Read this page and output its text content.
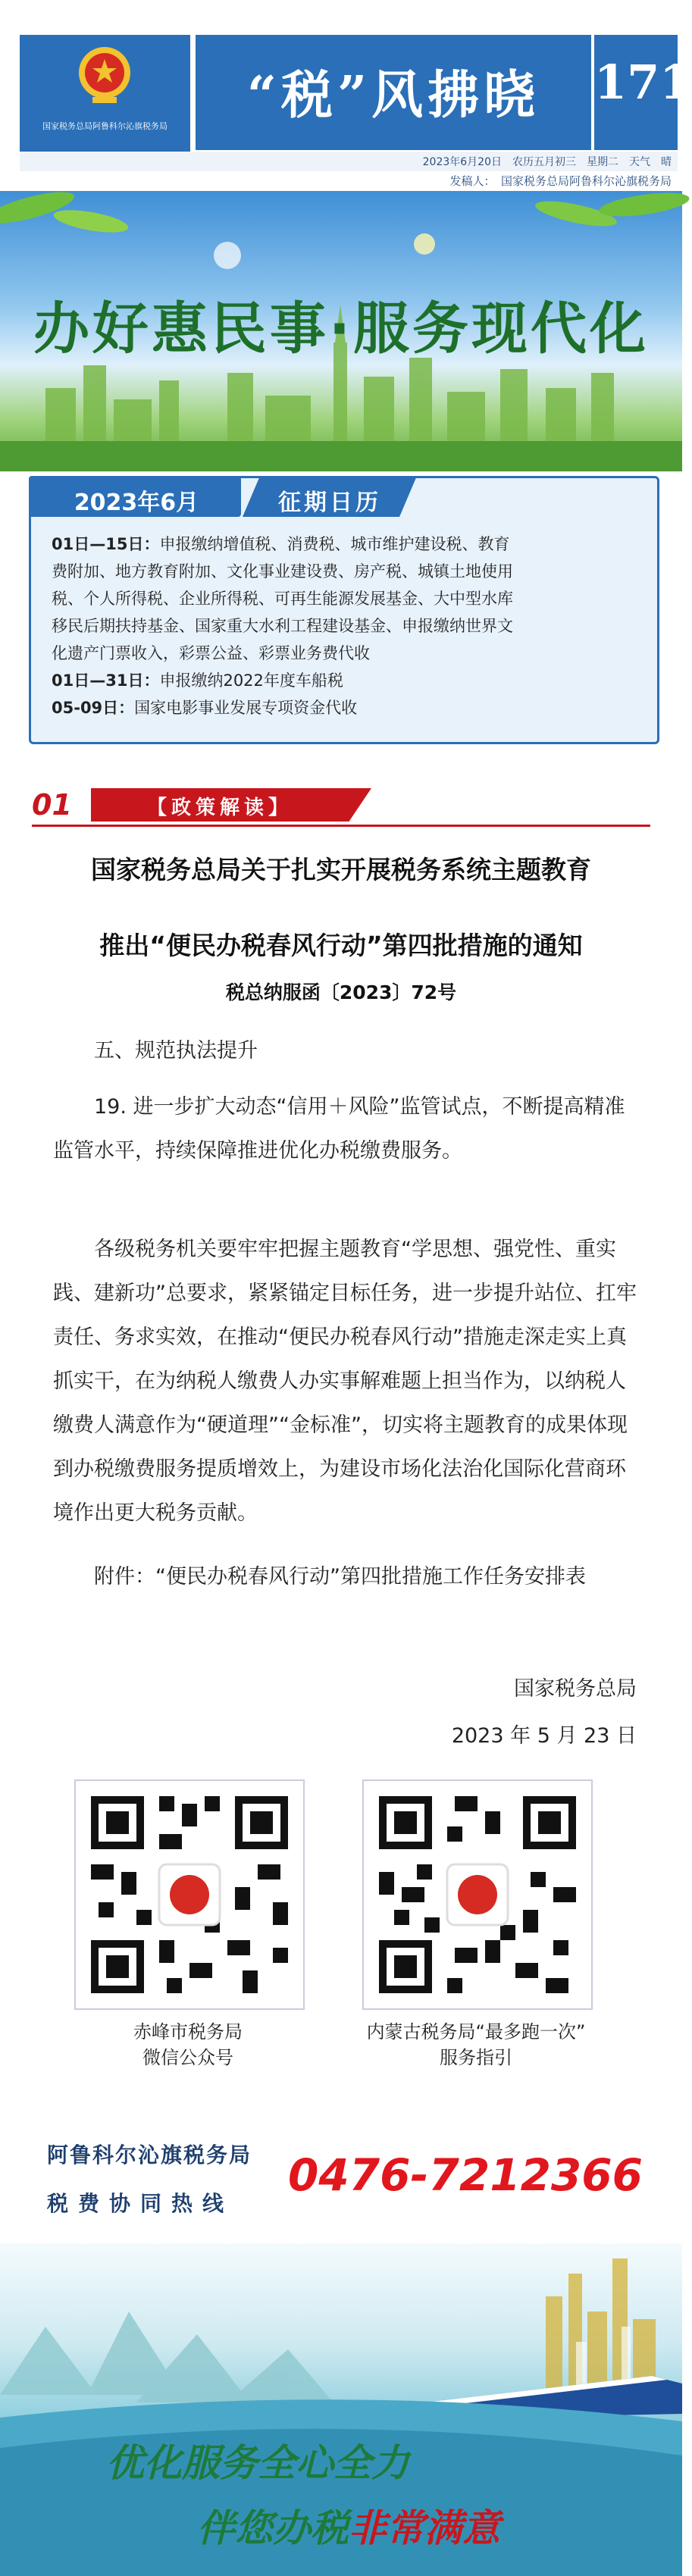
国家税务总局阿鲁科尔沁旗税务局
“税”风拂晓	171
2023年6月20日　农历五月初三　星期二　天气　晴
发稿人：　国家税务总局阿鲁科尔沁旗税务局
办好惠民事·服务现代化
2023年6月	征期日历
01日—15日：申报缴纳增值税、消费税、城市维护建设税、教育
费附加、地方教育附加、文化事业建设费、房产税、城镇土地使用
税、个人所得税、企业所得税、可再生能源发展基金、大中型水库
移民后期扶持基金、国家重大水利工程建设基金、申报缴纳世界文
化遗产门票收入，彩票公益、彩票业务费代收
01日—31日：申报缴纳2022年度车船税
05-09日：国家电影事业发展专项资金代收
01	【政策解读】
国家税务总局关于扎实开展税务系统主题教育
推出“便民办税春风行动”第四批措施的通知
税总纳服函〔2023〕72号

五、规范执法提升

19. 进一步扩大动态“信用＋风险”监管试点，不断提高精准监管水平，持续保障推进优化办税缴费服务。

各级税务机关要牢牢把握主题教育“学思想、强党性、重实践、建新功”总要求，紧紧锚定目标任务，进一步提升站位、扛牢责任、务求实效，在推动“便民办税春风行动”措施走深走实上真抓实干，在为纳税人缴费人办实事解难题上担当作为，以纳税人缴费人满意作为“硬道理”“金标准”，切实将主题教育的成果体现到办税缴费服务提质增效上，为建设市场化法治化国际化营商环境作出更大税务贡献。

附件：“便民办税春风行动”第四批措施工作任务安排表

国家税务总局
2023 年 5 月 23 日
赤峰市税务局
微信公众号
内蒙古税务局“最多跑一次”
服务指引
阿鲁科尔沁旗税务局
税费协同热线
0476-7212366
优化服务全心全力
伴您办税非常满意
